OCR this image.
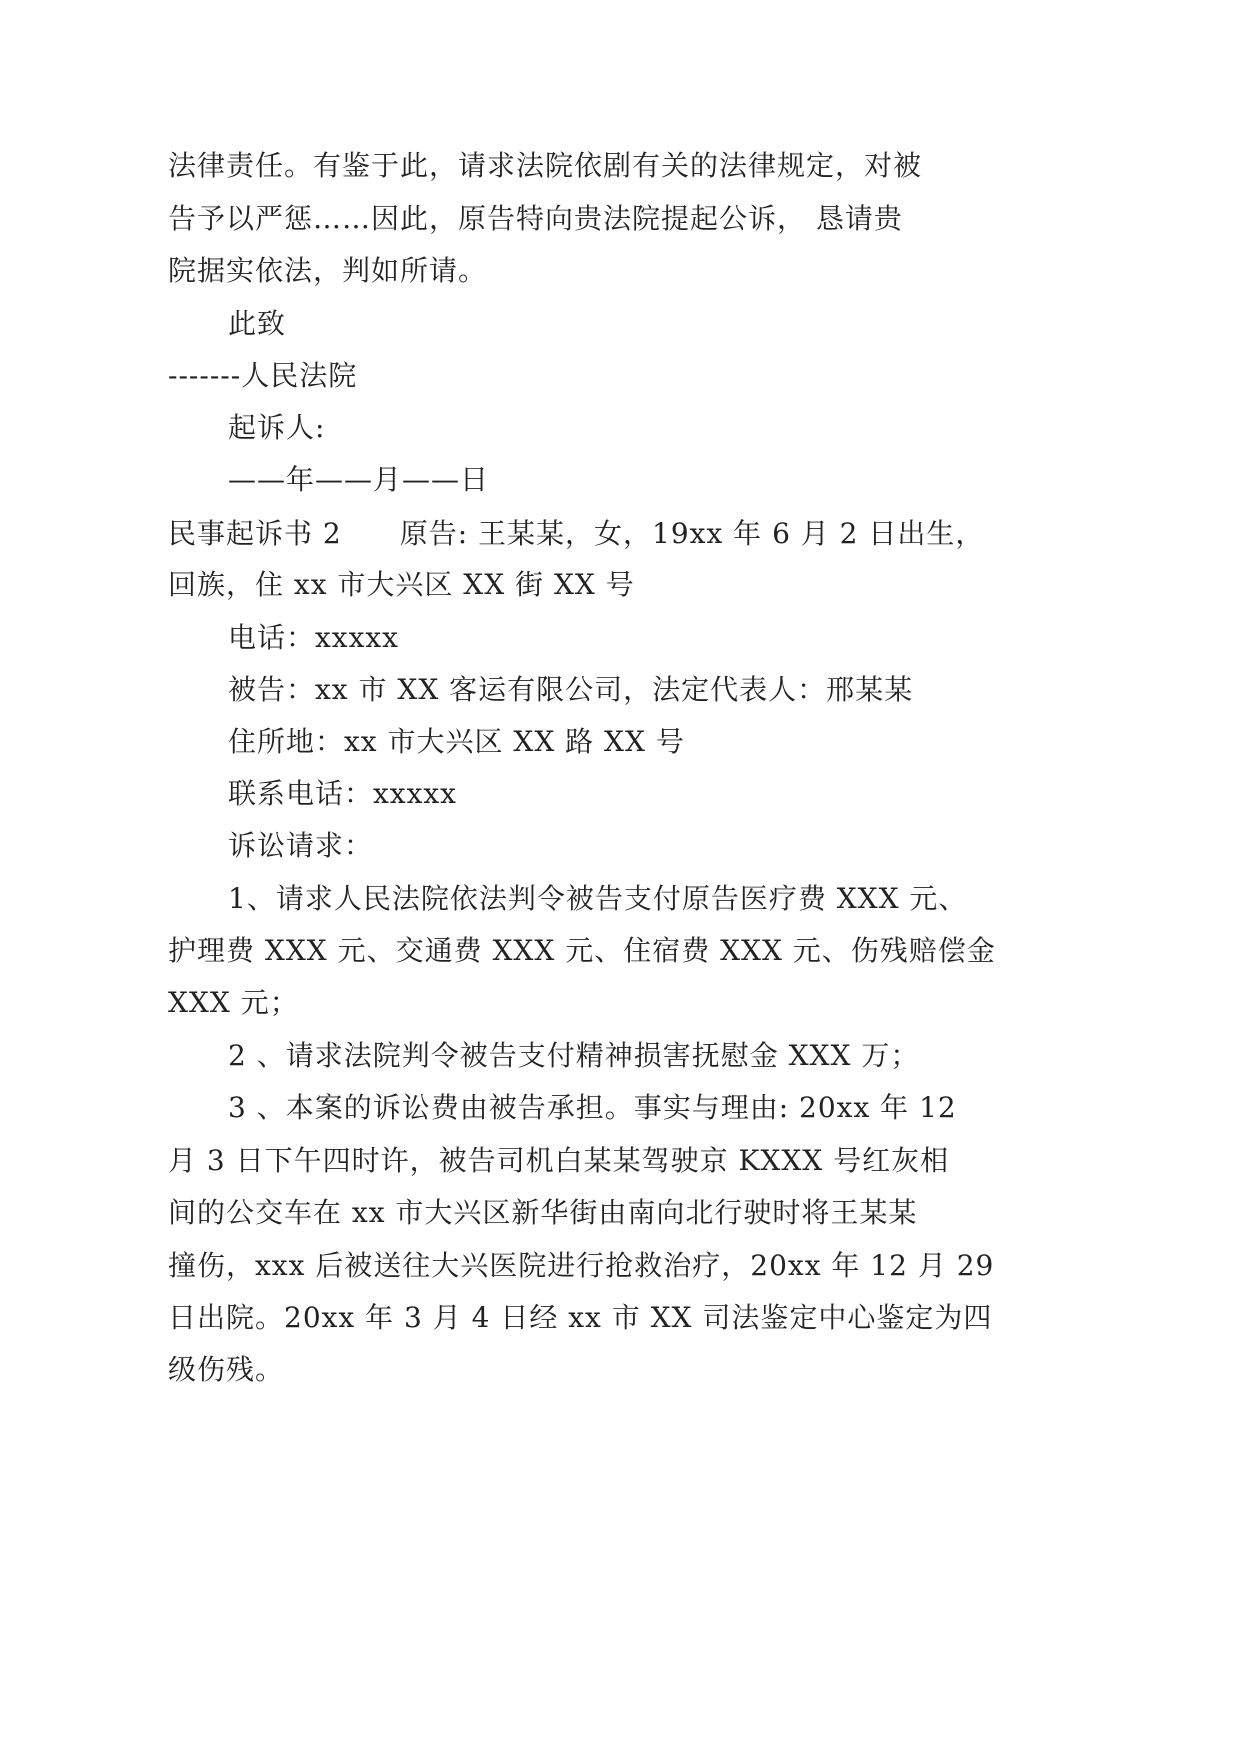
法律责任。有鉴于此，请求法院依剧有关的法律规定，对被
告予以严惩……因此，原告特向贵法院提起公诉， 恳请贵
院据实依法，判如所请。
此致
-------人民法院
起诉人:
——年——月——日
民事起诉书 2　　原告: 王某某，女，19xx 年 6 月 2 日出生，
回族，住 xx 市大兴区 XX 街 XX 号
电话：xxxxx
被告：xx 市 XX 客运有限公司，法定代表人：邢某某
住所地：xx 市大兴区 XX 路 XX 号
联系电话：xxxxx
诉讼请求：
1、请求人民法院依法判令被告支付原告医疗费 XXX 元、
护理费 XXX 元、交通费 XXX 元、住宿费 XXX 元、伤残赔偿金
XXX 元；
2 、请求法院判令被告支付精神损害抚慰金 XXX 万；
3 、本案的诉讼费由被告承担。事实与理由: 20xx 年 12
月 3 日下午四时许，被告司机白某某驾驶京 KXXX 号红灰相
间的公交车在 xx 市大兴区新华街由南向北行驶时将王某某
撞伤，xxx 后被送往大兴医院进行抢救治疗，20xx 年 12 月 29
日出院。20xx 年 3 月 4 日经 xx 市 XX 司法鉴定中心鉴定为四
级伤残。
